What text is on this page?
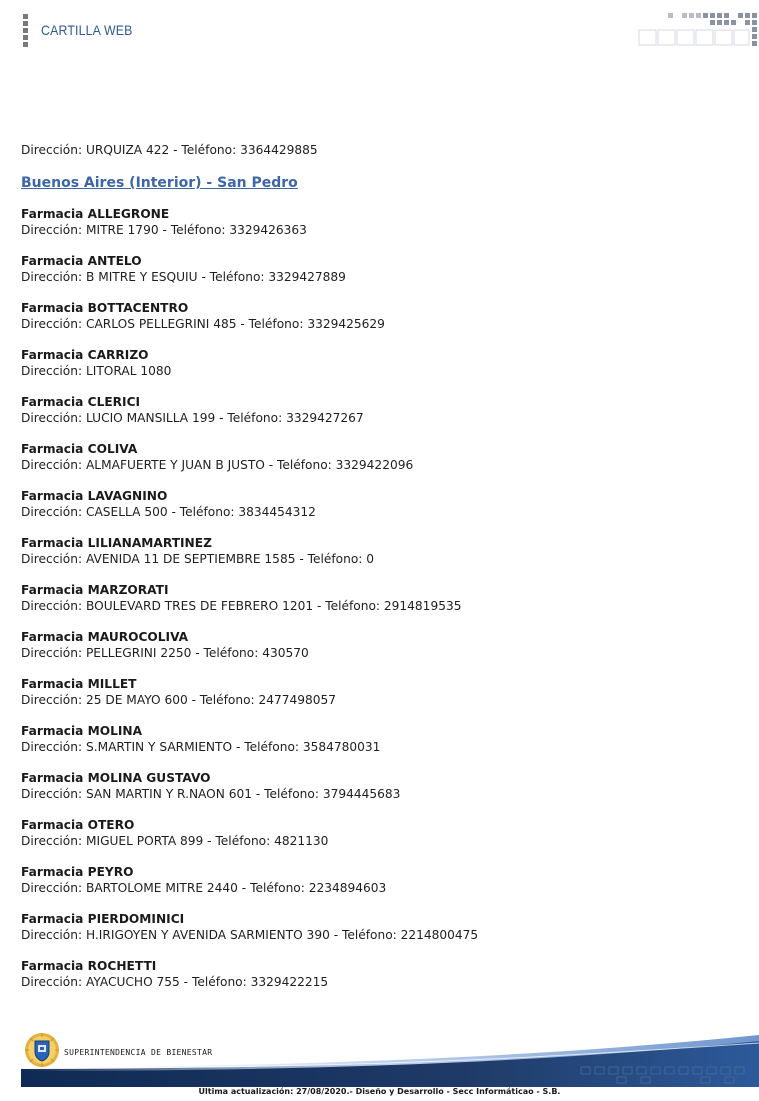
CARTILLA WEB
Dirección: URQUIZA 422 - Teléfono: 3364429885
Buenos Aires (Interior) - San Pedro
Farmacia ALLEGRONE
Dirección: MITRE 1790 - Teléfono: 3329426363
Farmacia ANTELO
Dirección: B MITRE Y ESQUIU - Teléfono: 3329427889
Farmacia BOTTACENTRO
Dirección: CARLOS PELLEGRINI 485 - Teléfono: 3329425629
Farmacia CARRIZO
Dirección: LITORAL 1080
Farmacia CLERICI
Dirección: LUCIO MANSILLA 199 - Teléfono: 3329427267
Farmacia COLIVA
Dirección: ALMAFUERTE Y JUAN B JUSTO - Teléfono: 3329422096
Farmacia LAVAGNINO
Dirección: CASELLA 500 - Teléfono: 3834454312
Farmacia LILIANAMARTINEZ
Dirección: AVENIDA 11 DE SEPTIEMBRE 1585 - Teléfono: 0
Farmacia MARZORATI
Dirección: BOULEVARD TRES DE FEBRERO 1201 - Teléfono: 2914819535
Farmacia MAUROCOLIVA
Dirección: PELLEGRINI 2250 - Teléfono: 430570
Farmacia MILLET
Dirección: 25 DE MAYO 600 - Teléfono: 2477498057
Farmacia MOLINA
Dirección: S.MARTIN Y SARMIENTO - Teléfono: 3584780031
Farmacia MOLINA GUSTAVO
Dirección: SAN MARTIN Y R.NAON 601 - Teléfono: 3794445683
Farmacia OTERO
Dirección: MIGUEL PORTA 899 - Teléfono: 4821130
Farmacia PEYRO
Dirección: BARTOLOME MITRE 2440 - Teléfono: 2234894603
Farmacia PIERDOMINICI
Dirección: H.IRIGOYEN Y AVENIDA SARMIENTO 390 - Teléfono: 2214800475
Farmacia ROCHETTI
Dirección: AYACUCHO 755 - Teléfono: 3329422215
SUPERINTENDENCIA DE BIENESTAR
Ultima actualización: 27/08/2020.- Diseño y Desarrollo - Secc Informáticao - S.B.
